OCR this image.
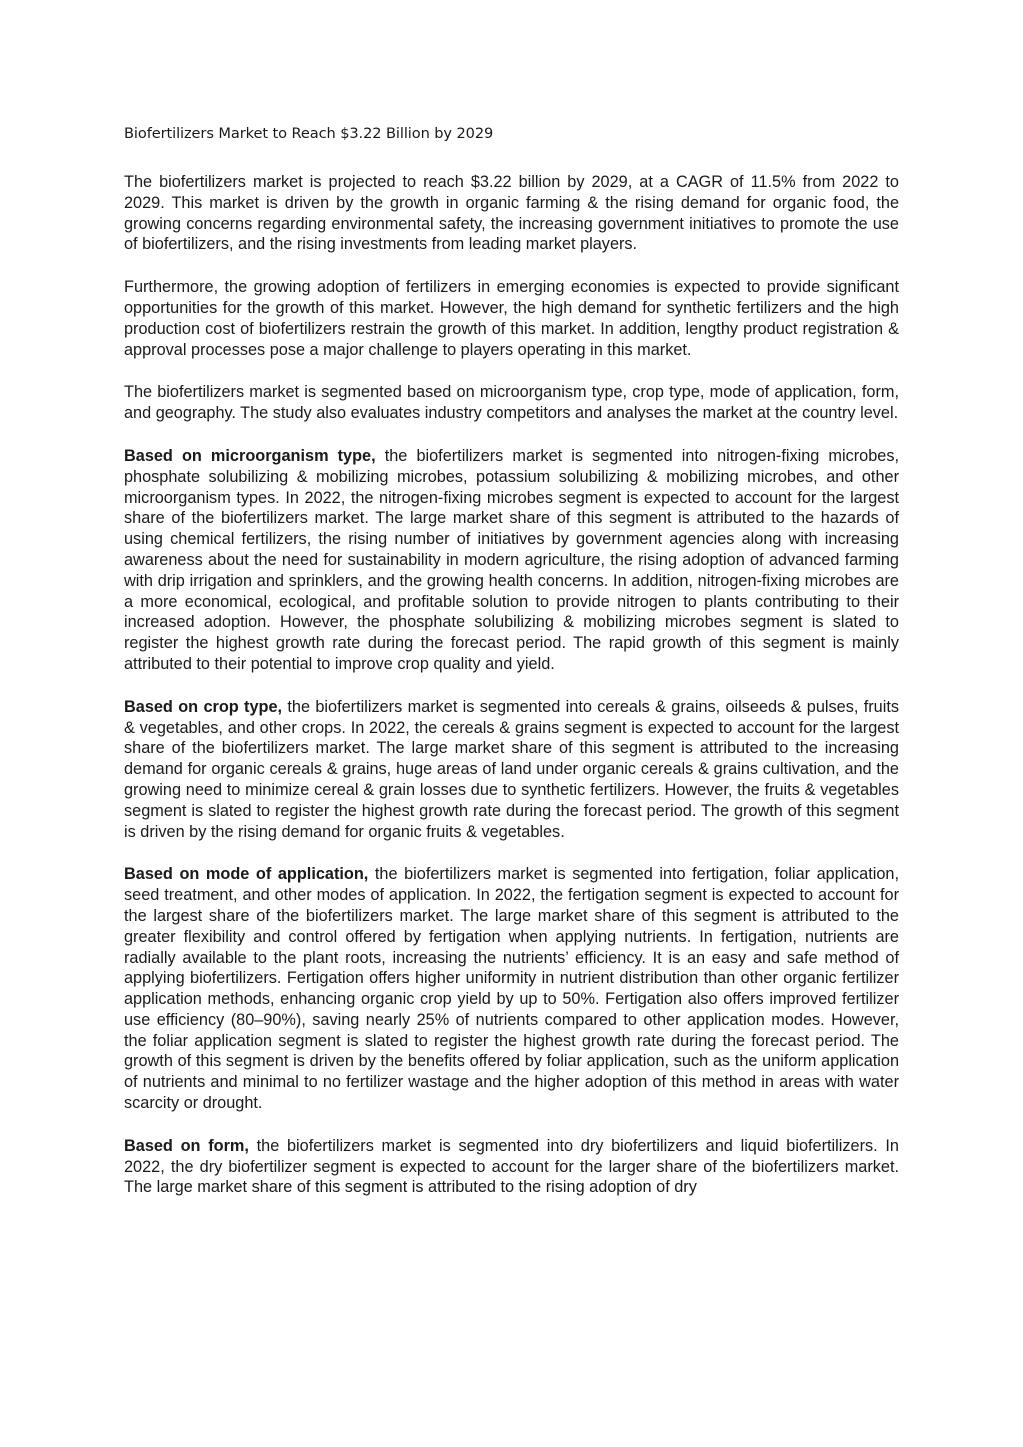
Biofertilizers Market to Reach $3.22 Billion by 2029

The biofertilizers market is projected to reach $3.22 billion by 2029, at a CAGR of 11.5% from 2022 to 2029. This market is driven by the growth in organic farming & the rising demand for organic food, the growing concerns regarding environmental safety, the increasing government initiatives to promote the use of biofertilizers, and the rising investments from leading market players.

Furthermore, the growing adoption of fertilizers in emerging economies is expected to provide significant opportunities for the growth of this market. However, the high demand for synthetic fertilizers and the high production cost of biofertilizers restrain the growth of this market. In addition, lengthy product registration & approval processes pose a major challenge to players operating in this market.

The biofertilizers market is segmented based on microorganism type, crop type, mode of application, form, and geography. The study also evaluates industry competitors and analyses the market at the country level.

Based on microorganism type, the biofertilizers market is segmented into nitrogen-fixing microbes, phosphate solubilizing & mobilizing microbes, potassium solubilizing & mobilizing microbes, and other microorganism types. In 2022, the nitrogen-fixing microbes segment is expected to account for the largest share of the biofertilizers market. The large market share of this segment is attributed to the hazards of using chemical fertilizers, the rising number of initiatives by government agencies along with increasing awareness about the need for sustainability in modern agriculture, the rising adoption of advanced farming with drip irrigation and sprinklers, and the growing health concerns. In addition, nitrogen-fixing microbes are a more economical, ecological, and profitable solution to provide nitrogen to plants contributing to their increased adoption. However, the phosphate solubilizing & mobilizing microbes segment is slated to register the highest growth rate during the forecast period. The rapid growth of this segment is mainly attributed to their potential to improve crop quality and yield.

Based on crop type, the biofertilizers market is segmented into cereals & grains, oilseeds & pulses, fruits & vegetables, and other crops. In 2022, the cereals & grains segment is expected to account for the largest share of the biofertilizers market. The large market share of this segment is attributed to the increasing demand for organic cereals & grains, huge areas of land under organic cereals & grains cultivation, and the growing need to minimize cereal & grain losses due to synthetic fertilizers. However, the fruits & vegetables segment is slated to register the highest growth rate during the forecast period. The growth of this segment is driven by the rising demand for organic fruits & vegetables.

Based on mode of application, the biofertilizers market is segmented into fertigation, foliar application, seed treatment, and other modes of application. In 2022, the fertigation segment is expected to account for the largest share of the biofertilizers market. The large market share of this segment is attributed to the greater flexibility and control offered by fertigation when applying nutrients. In fertigation, nutrients are radially available to the plant roots, increasing the nutrients’ efficiency. It is an easy and safe method of applying biofertilizers. Fertigation offers higher uniformity in nutrient distribution than other organic fertilizer application methods, enhancing organic crop yield by up to 50%. Fertigation also offers improved fertilizer use efficiency (80–90%), saving nearly 25% of nutrients compared to other application modes. However, the foliar application segment is slated to register the highest growth rate during the forecast period. The growth of this segment is driven by the benefits offered by foliar application, such as the uniform application of nutrients and minimal to no fertilizer wastage and the higher adoption of this method in areas with water scarcity or drought.

Based on form, the biofertilizers market is segmented into dry biofertilizers and liquid biofertilizers. In 2022, the dry biofertilizer segment is expected to account for the larger share of the biofertilizers market. The large market share of this segment is attributed to the rising adoption of dry
